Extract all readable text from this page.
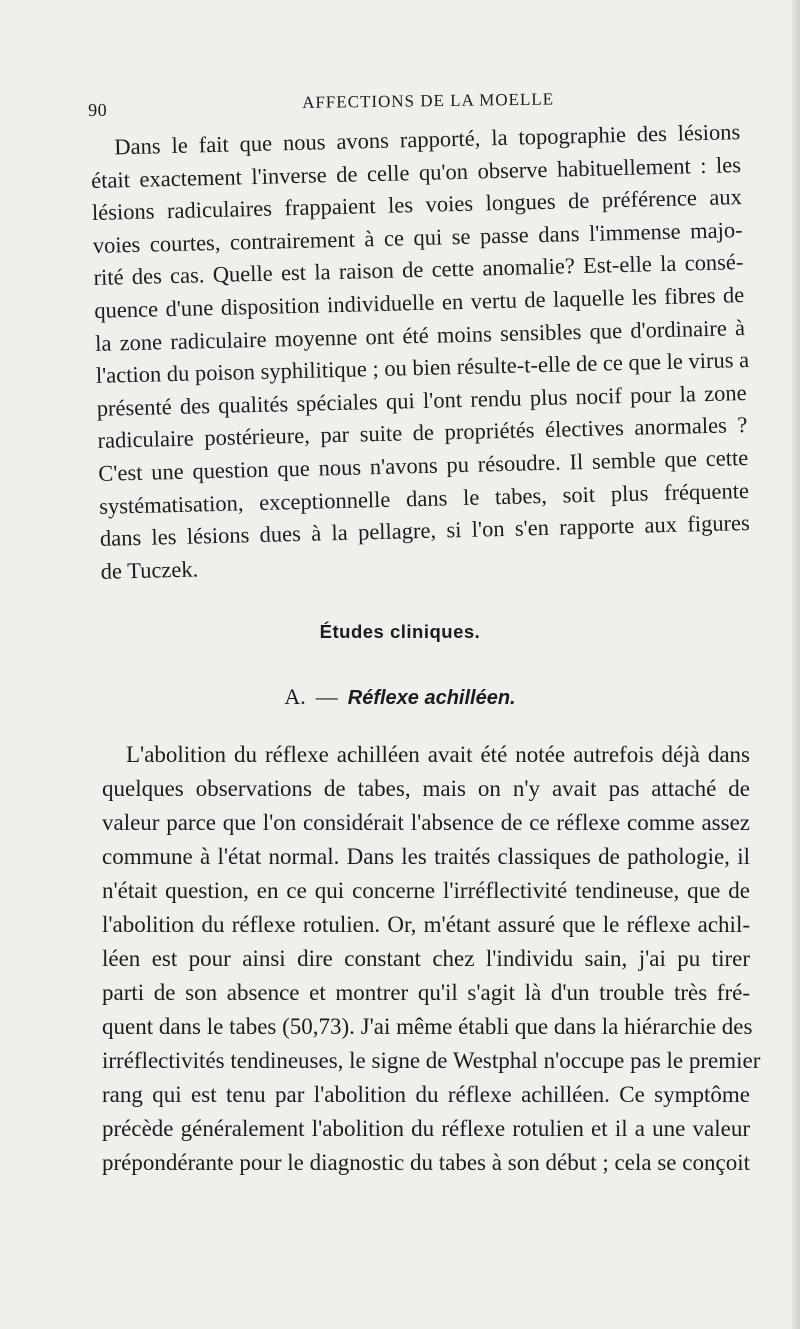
90	AFFECTIONS DE LA MOELLE
Dans le fait que nous avons rapporté, la topographie des lésions
était exactement l'inverse de celle qu'on observe habituellement : les
lésions radiculaires frappaient les voies longues de préférence aux
voies courtes, contrairement à ce qui se passe dans l'immense majo-
rité des cas. Quelle est la raison de cette anomalie? Est-elle la consé-
quence d'une disposition individuelle en vertu de laquelle les fibres de
la zone radiculaire moyenne ont été moins sensibles que d'ordinaire à
l'action du poison syphilitique ; ou bien résulte-t-elle de ce que le virus a
présenté des qualités spéciales qui l'ont rendu plus nocif pour la zone
radiculaire postérieure, par suite de propriétés électives anormales ?
C'est une question que nous n'avons pu résoudre. Il semble que cette
systématisation, exceptionnelle dans le tabes, soit plus fréquente
dans les lésions dues à la pellagre, si l'on s'en rapporte aux figures
de Tuczek.
Études cliniques.
A. — Réflexe achilléen.
L'abolition du réflexe achilléen avait été notée autrefois déjà dans
quelques observations de tabes, mais on n'y avait pas attaché de
valeur parce que l'on considérait l'absence de ce réflexe comme assez
commune à l'état normal. Dans les traités classiques de pathologie, il
n'était question, en ce qui concerne l'irréflectivité tendineuse, que de
l'abolition du réflexe rotulien. Or, m'étant assuré que le réflexe achil-
léen est pour ainsi dire constant chez l'individu sain, j'ai pu tirer
parti de son absence et montrer qu'il s'agit là d'un trouble très fré-
quent dans le tabes (50,73). J'ai même établi que dans la hiérarchie des
irréflectivités tendineuses, le signe de Westphal n'occupe pas le premier
rang qui est tenu par l'abolition du réflexe achilléen. Ce symptôme
précède généralement l'abolition du réflexe rotulien et il a une valeur
prépondérante pour le diagnostic du tabes à son début ; cela se conçoit
